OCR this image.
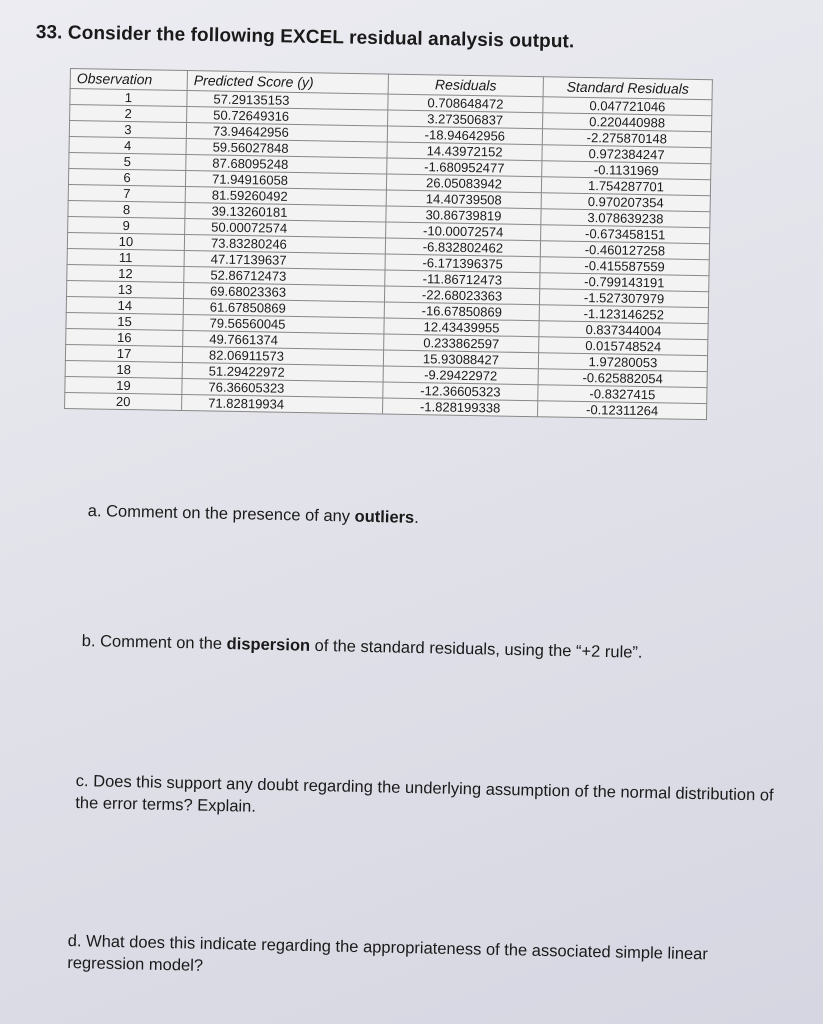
33. Consider the following EXCEL residual analysis output.
Observation	Predicted Score (y)	Residuals	Standard Residuals
1	57.29135153	0.708648472	0.047721046
2	50.72649316	3.273506837	0.220440988
3	73.94642956	-18.94642956	-2.275870148
4	59.56027848	14.43972152	0.972384247
5	87.68095248	-1.680952477	-0.1131969
6	71.94916058	26.05083942	1.754287701
7	81.59260492	14.40739508	0.970207354
8	39.13260181	30.86739819	3.078639238
9	50.00072574	-10.00072574	-0.673458151
10	73.83280246	-6.832802462	-0.460127258
11	47.17139637	-6.171396375	-0.415587559
12	52.86712473	-11.86712473	-0.799143191
13	69.68023363	-22.68023363	-1.527307979
14	61.67850869	-16.67850869	-1.123146252
15	79.56560045	12.43439955	0.837344004
16	49.7661374	0.233862597	0.015748524
17	82.06911573	15.93088427	1.97280053
18	51.29422972	-9.29422972	-0.625882054
19	76.36605323	-12.36605323	-0.8327415
20	71.82819934	-1.828199338	-0.12311264
a. Comment on the presence of any outliers.
b. Comment on the dispersion of the standard residuals, using the “+2 rule”.
c. Does this support any doubt regarding the underlying assumption of the normal distribution of the error terms? Explain.
d. What does this indicate regarding the appropriateness of the associated simple linear regression model?
